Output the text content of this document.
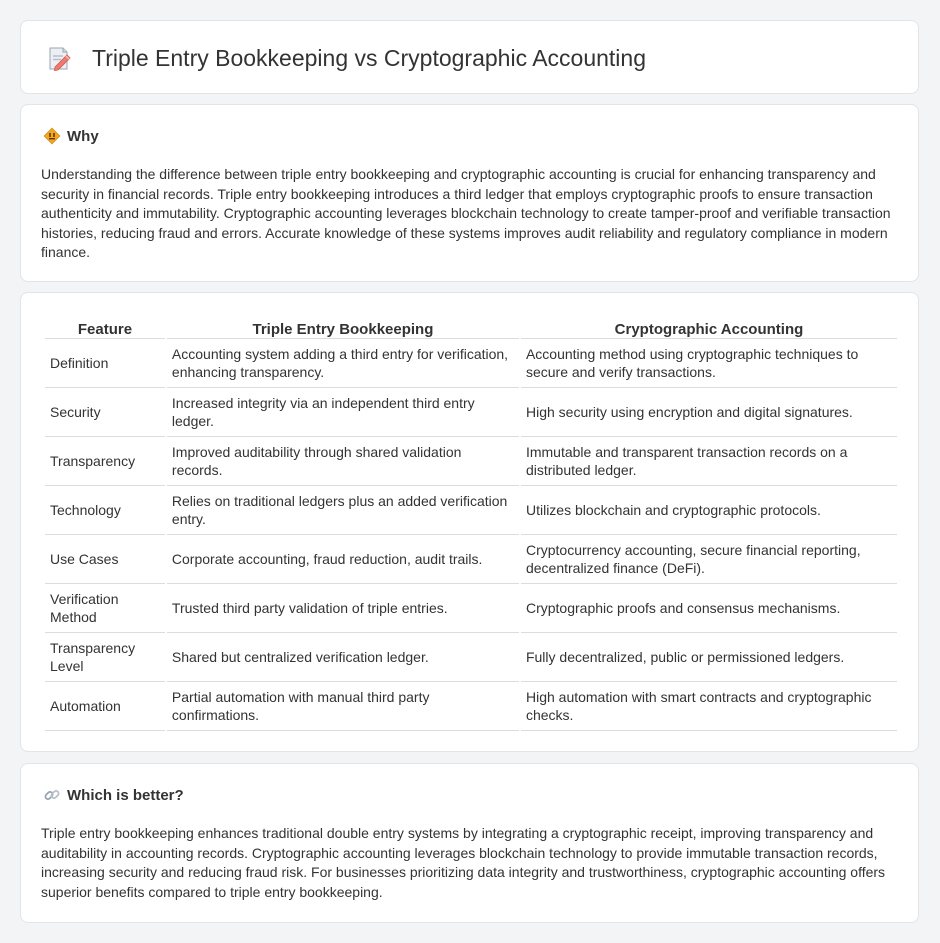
Triple Entry Bookkeeping vs Cryptographic Accounting
Why

Understanding the difference between triple entry bookkeeping and cryptographic accounting is crucial for enhancing transparency and security in financial records. Triple entry bookkeeping introduces a third ledger that employs cryptographic proofs to ensure transaction authenticity and immutability. Cryptographic accounting leverages blockchain technology to create tamper-proof and verifiable transaction histories, reducing fraud and errors. Accurate knowledge of these systems improves audit reliability and regulatory compliance in modern finance.

Feature	Triple Entry Bookkeeping	Cryptographic Accounting
Definition	Accounting system adding a third entry for verification, enhancing transparency.	Accounting method using cryptographic techniques to secure and verify transactions.
Security	Increased integrity via an independent third entry ledger.	High security using encryption and digital signatures.
Transparency	Improved auditability through shared validation records.	Immutable and transparent transaction records on a distributed ledger.
Technology	Relies on traditional ledgers plus an added verification entry.	Utilizes blockchain and cryptographic protocols.
Use Cases	Corporate accounting, fraud reduction, audit trails.	Cryptocurrency accounting, secure financial reporting, decentralized finance (DeFi).
Verification Method	Trusted third party validation of triple entries.	Cryptographic proofs and consensus mechanisms.
Transparency Level	Shared but centralized verification ledger.	Fully decentralized, public or permissioned ledgers.
Automation	Partial automation with manual third party confirmations.	High automation with smart contracts and cryptographic checks.
Which is better?

Triple entry bookkeeping enhances traditional double entry systems by integrating a cryptographic receipt, improving transparency and auditability in accounting records. Cryptographic accounting leverages blockchain technology to provide immutable transaction records, increasing security and reducing fraud risk. For businesses prioritizing data integrity and trustworthiness, cryptographic accounting offers superior benefits compared to triple entry bookkeeping.
